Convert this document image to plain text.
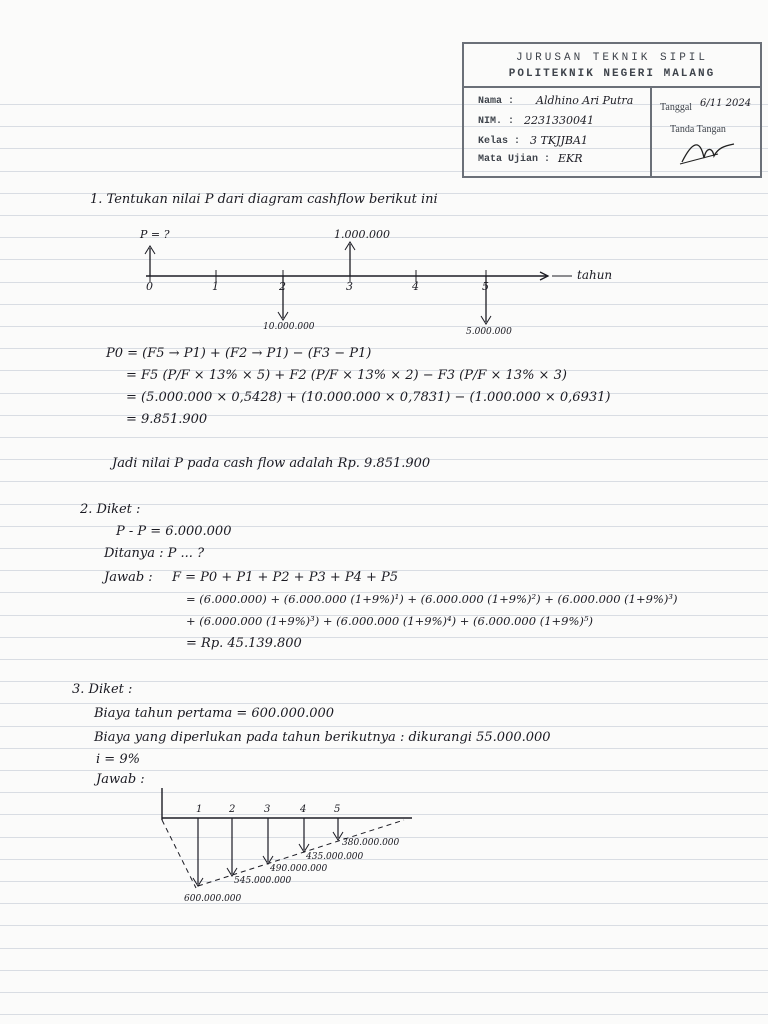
JURUSAN TEKNIK SIPIL
POLITEKNIK NEGERI MALANG
Nama : Aldhino Ari Putra
NIM. : 2231330041
Kelas : 3 TKJJBA1
Mata Ujian : EKR
Tanggal 6/11 2024
Tanda Tangan
1. Tentukan nilai P dari diagram cashflow berikut ini
P = ?	1.000.000
0	1	2	3	4	5
tahun
10.000.000	5.000.000
P0 = (F5 → P1) + (F2 → P1) − (F3 − P1)
= F5 (P/F × 13% × 5) + F2 (P/F × 13% × 2) − F3 (P/F × 13% × 3)
= (5.000.000 × 0,5428) + (10.000.000 × 0,7831) − (1.000.000 × 0,6931)
= 9.851.900
Jadi nilai P pada cash flow adalah Rp. 9.851.900
2. Diket :
P - P = 6.000.000
Ditanya : P ... ?
Jawab : F = P0 + P1 + P2 + P3 + P4 + P5
= (6.000.000) + (6.000.000 (1+9%)¹) + (6.000.000 (1+9%)²) + (6.000.000 (1+9%)³)
+ (6.000.000 (1+9%)³) + (6.000.000 (1+9%)⁴) + (6.000.000 (1+9%)⁵)
= Rp. 45.139.800
3. Diket :
Biaya tahun pertama = 600.000.000
Biaya yang diperlukan pada tahun berikutnya : dikurangi 55.000.000
i = 9%
Jawab :
1	2	3	4	5
600.000.000
545.000.000
490.000.000
435.000.000
380.000.000
